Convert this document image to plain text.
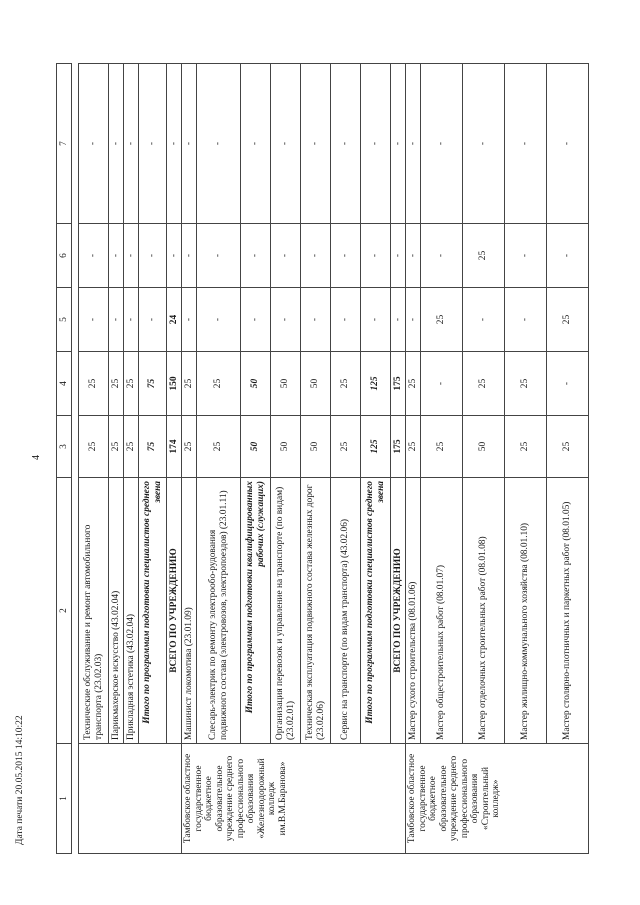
4
1	2	3	4	5	6	7

	Технические обслуживание и ремонт автомобильного транспорта (23.02.03)	25	25	-	-	-
	Парикмахерское искусство (43.02.04)	25	25	-	-	-
	Прикладная эстетика (43.02.04)	25	25	-	-	-
	Итого по программам подготовки специалистов среднего звена	75	75	-	-	-
	ВСЕГО ПО УЧРЕЖДЕНИЮ	174	150	24	-	-
Тамбовское областное государственное бюджетное образовательное учреждение среднего профессионального образования «Железнодорожный колледж им.В.М.Баранова»	Машинист локомотива (23.01.09)	25	25	-	-	-
	Слесарь-электрик по ремонту электрообо-рудования подвижного состава (электровозов, электропоездов) (23.01.11)	25	25	-	-	-
	Итого по программам подготовки квалифицированных рабочих (служащих)	50	50	-	-	-
	Организация перевозок и управление на транспорте (по видам) (23.02.01)	50	50	-	-	-
	Техническая эксплуатация подвижного состава железных дорог (23.02.06)	50	50	-	-	-
	Сервис на транспорте (по видам транспорта) (43.02.06)	25	25	-	-	-
	Итого по программам подготовки специалистов среднего звена	125	125	-	-	-
	ВСЕГО ПО УЧРЕЖДЕНИЮ	175	175	-	-	-
Тамбовское областное государственное бюджетное образовательное учреждение среднего профессионального образования «Строительный колледж»	Мастер сухого строительства (08.01.06)	25	25	-	-	-
	Мастер общестроительных работ (08.01.07)	25	-	25	-	-
	Мастер отделочных строительных работ (08.01.08)	50	25	-	25	-
	Мастер жилищно-коммунального хозяйства (08.01.10)	25	25	-	-	-
	Мастер столярно-плотничных и паркетных работ (08.01.05)	25	-	25	-	-
Дата печати 20.05.2015 14:10:22
